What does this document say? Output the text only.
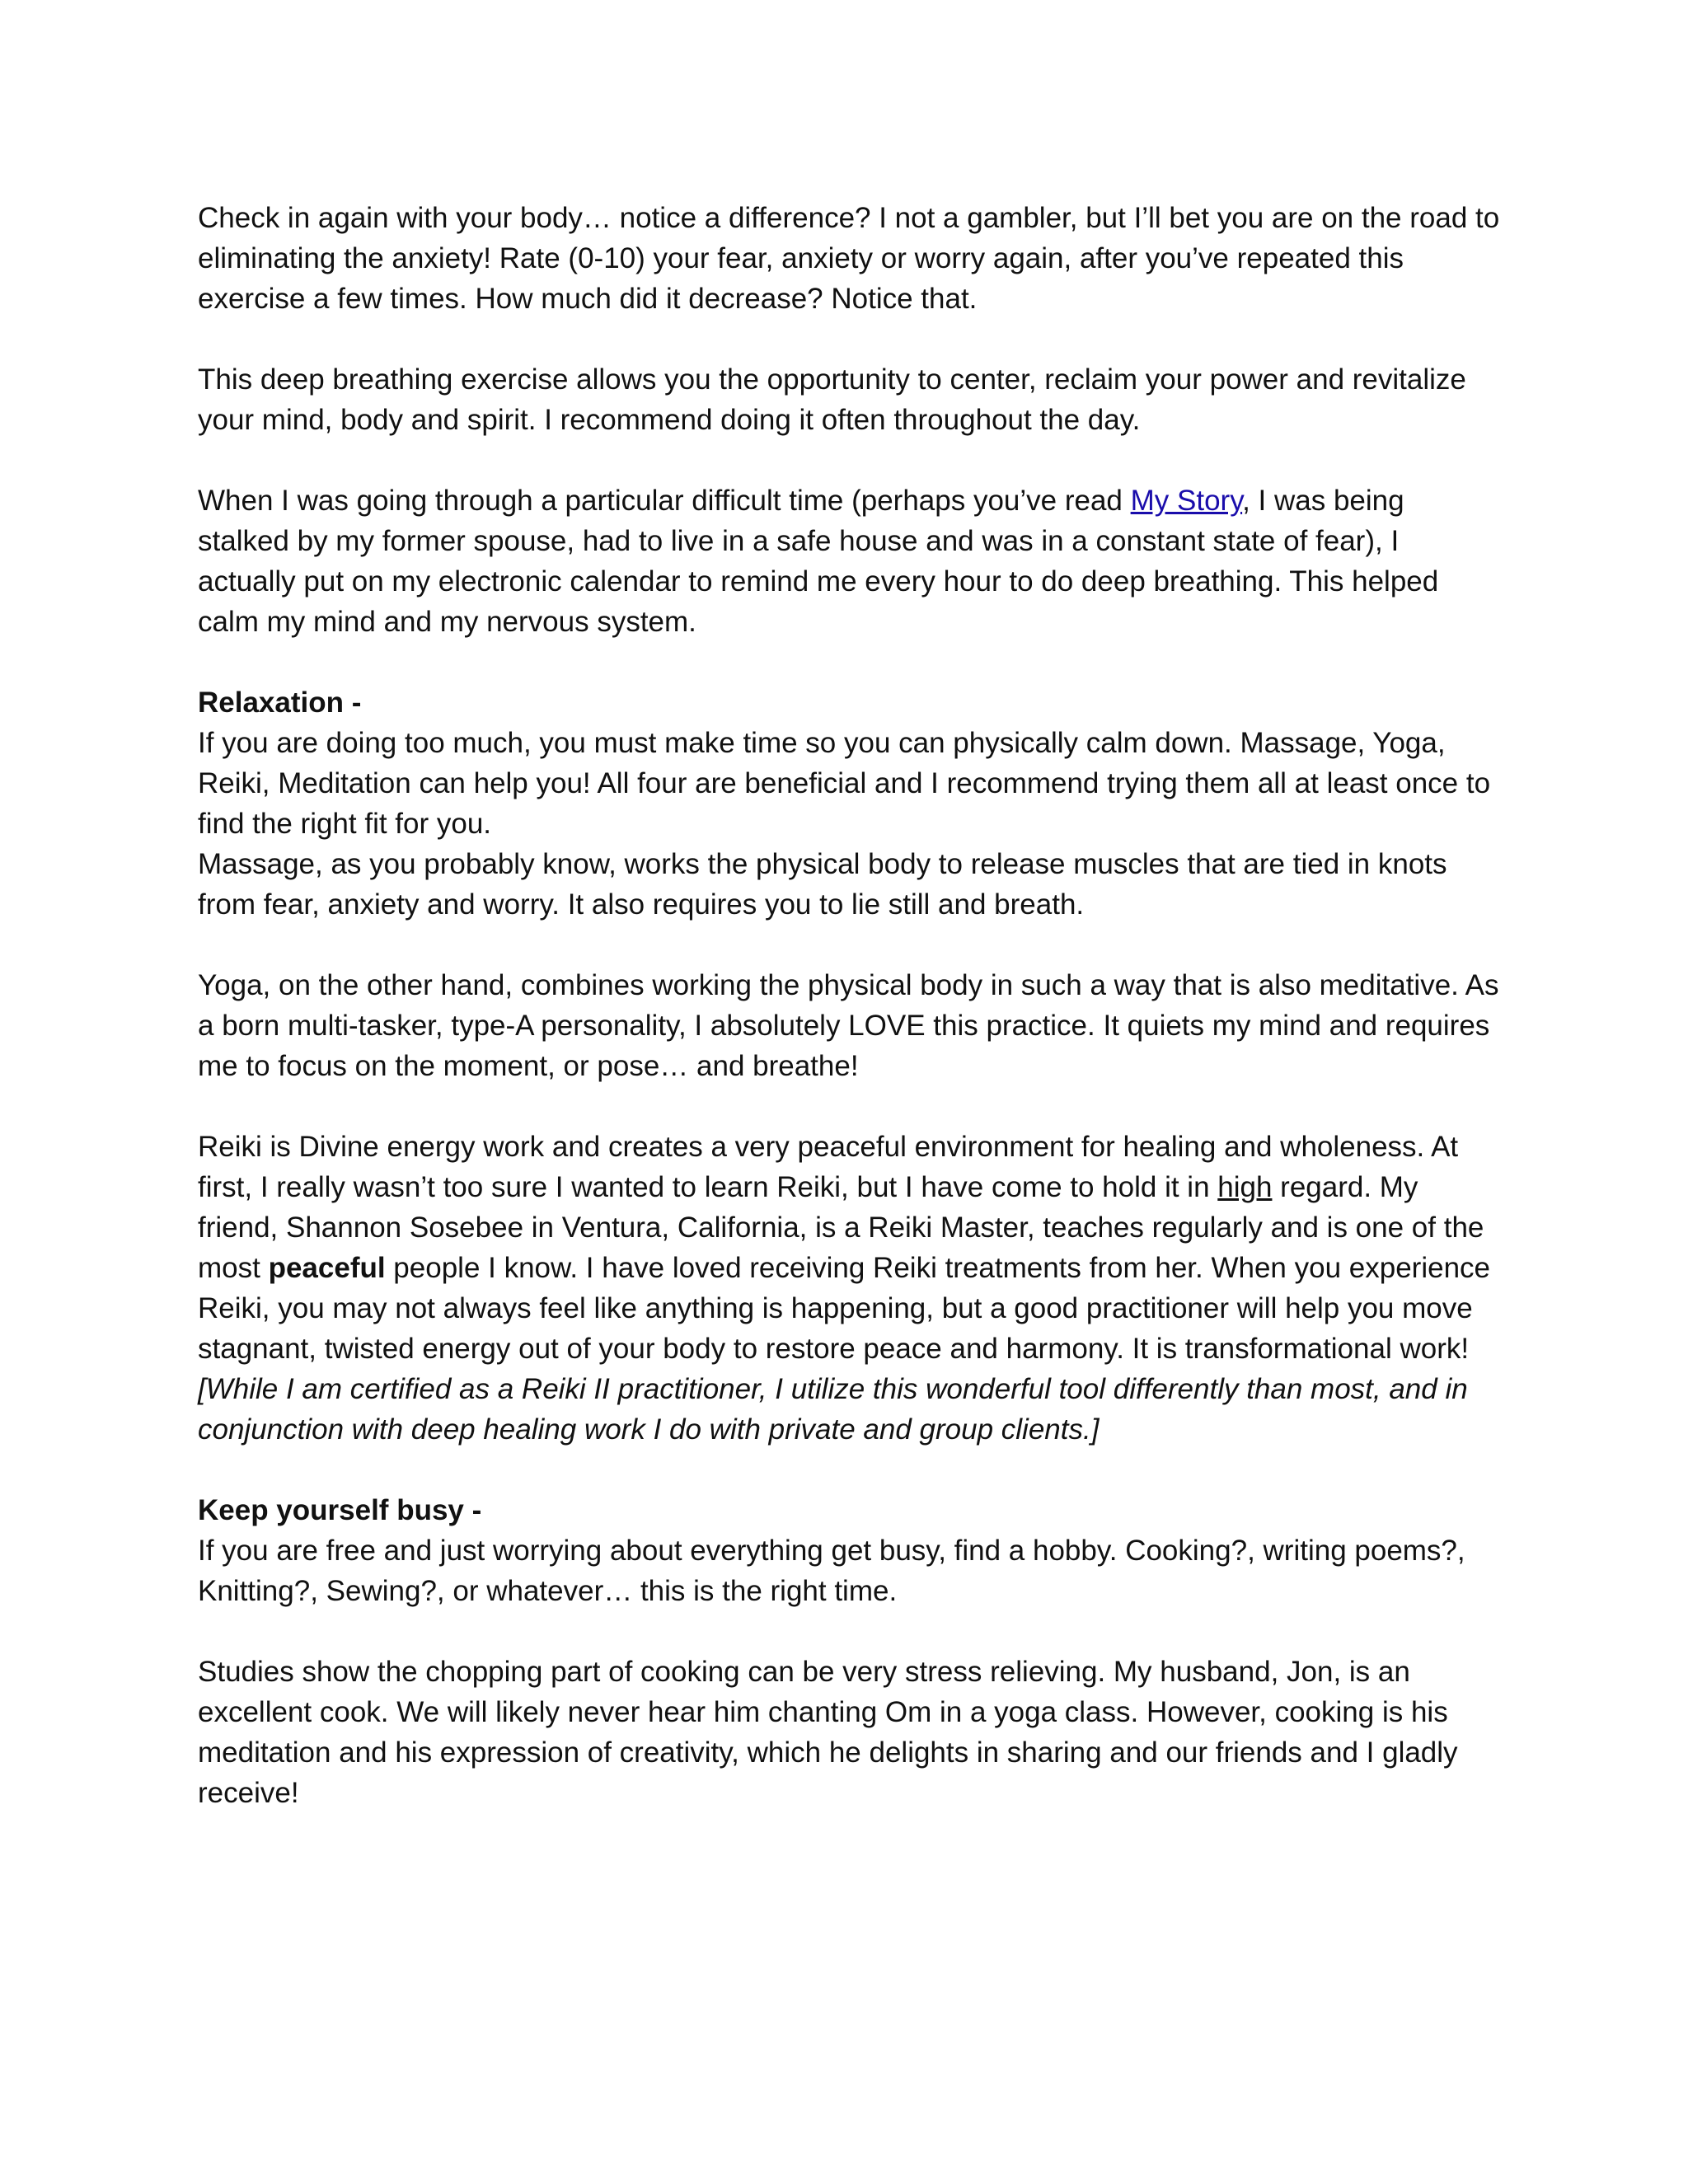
Check in again with your body… notice a difference? I not a gambler, but I’ll bet you are on the road to eliminating the anxiety! Rate (0-10) your fear, anxiety or worry again, after you’ve repeated this exercise a few times. How much did it decrease? Notice that.

This deep breathing exercise allows you the opportunity to center, reclaim your power and revitalize your mind, body and spirit. I recommend doing it often throughout the day.

When I was going through a particular difficult time (perhaps you’ve read My Story, I was being stalked by my former spouse, had to live in a safe house and was in a constant state of fear), I actually put on my electronic calendar to remind me every hour to do deep breathing. This helped calm my mind and my nervous system.

Relaxation -

If you are doing too much, you must make time so you can physically calm down. Massage, Yoga, Reiki, Meditation can help you! All four are beneficial and I recommend trying them all at least once to find the right fit for you.

Massage, as you probably know, works the physical body to release muscles that are tied in knots from fear, anxiety and worry. It also requires you to lie still and breath.

Yoga, on the other hand, combines working the physical body in such a way that is also meditative. As a born multi-tasker, type-A personality, I absolutely LOVE this practice. It quiets my mind and requires me to focus on the moment, or pose… and breathe!

Reiki is Divine energy work and creates a very peaceful environment for healing and wholeness. At first, I really wasn’t too sure I wanted to learn Reiki, but I have come to hold it in high regard. My friend, Shannon Sosebee in Ventura, California, is a Reiki Master, teaches regularly and is one of the most peaceful people I know. I have loved receiving Reiki treatments from her. When you experience Reiki, you may not always feel like anything is happening, but a good practitioner will help you move stagnant, twisted energy out of your body to restore peace and harmony. It is transformational work! [While I am certified as a Reiki II practitioner, I utilize this wonderful tool differently than most, and in conjunction with deep healing work I do with private and group clients.]

Keep yourself busy -

If you are free and just worrying about everything get busy, find a hobby. Cooking?, writing poems?, Knitting?, Sewing?, or whatever… this is the right time.

Studies show the chopping part of cooking can be very stress relieving. My husband, Jon, is an excellent cook. We will likely never hear him chanting Om in a yoga class. However, cooking is his meditation and his expression of creativity, which he delights in sharing and our friends and I gladly receive!
